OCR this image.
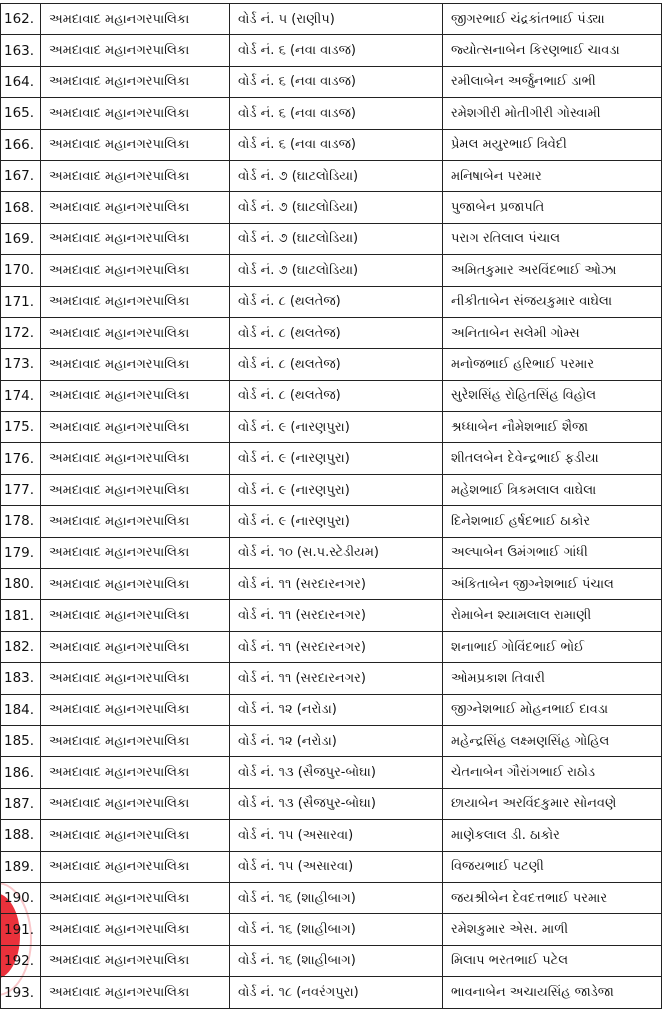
162.	અમદાવાદ મહાનગરપાલિકા	વોર્ડ નં. ૫ (રાણીપ)	જીગરભાઈ ચંદ્રકાંતભાઈ પંડ્યા
163.	અમદાવાદ મહાનગરપાલિકા	વોર્ડ નં. ૬ (નવા વાડજ)	જ્યોત્સનાબેન કિરણભાઈ ચાવડા
164.	અમદાવાદ મહાનગરપાલિકા	વોર્ડ નં. ૬ (નવા વાડજ)	રમીલાબેન અર્જુનભાઈ ડાભી
165.	અમદાવાદ મહાનગરપાલિકા	વોર્ડ નં. ૬ (નવા વાડજ)	રમેશગીરી મોતીગીરી ગોસ્વામી
166.	અમદાવાદ મહાનગરપાલિકા	વોર્ડ નં. ૬ (નવા વાડજ)	પ્રેમલ મયુરભાઈ ત્રિવેદી
167.	અમદાવાદ મહાનગરપાલિકા	વોર્ડ નં. ૭ (ઘાટલોડિયા)	મનિષાબેન પરમાર
168.	અમદાવાદ મહાનગરપાલિકા	વોર્ડ નં. ૭ (ઘાટલોડિયા)	પુજાબેન પ્રજાપતિ
169.	અમદાવાદ મહાનગરપાલિકા	વોર્ડ નં. ૭ (ઘાટલોડિયા)	પરાગ રતિલાલ પંચાલ
170.	અમદાવાદ મહાનગરપાલિકા	વોર્ડ નં. ૭ (ઘાટલોડિયા)	અમિતકુમાર અરવિંદભાઈ ઓઝા
171.	અમદાવાદ મહાનગરપાલિકા	વોર્ડ નં. ૮ (થલતેજ)	નીકીતાબેન સંજયકુમાર વાઘેલા
172.	અમદાવાદ મહાનગરપાલિકા	વોર્ડ નં. ૮ (થલતેજ)	અનિતાબેન સલેમી ગોમ્સ
173.	અમદાવાદ મહાનગરપાલિકા	વોર્ડ નં. ૮ (થલતેજ)	મનોજભાઈ હરિભાઈ પરમાર
174.	અમદાવાદ મહાનગરપાલિકા	વોર્ડ નં. ૮ (થલતેજ)	સુરેશસિંહ રોહિતસિંહ વિહોલ
175.	અમદાવાદ મહાનગરપાલિકા	વોર્ડ નં. ૯ (નારણપુરા)	શ્રધ્ધાબેન નૌમેશભાઈ શૈજા
176.	અમદાવાદ મહાનગરપાલિકા	વોર્ડ નં. ૯ (નારણપુરા)	શીતલબેન દેવેન્દ્રભાઈ ફડીયા
177.	અમદાવાદ મહાનગરપાલિકા	વોર્ડ નં. ૯ (નારણપુરા)	મહેશભાઈ ત્રિકમલાલ વાઘેલા
178.	અમદાવાદ મહાનગરપાલિકા	વોર્ડ નં. ૯ (નારણપુરા)	દિનેશભાઈ હર્ષદભાઈ ઠાકોર
179.	અમદાવાદ મહાનગરપાલિકા	વોર્ડ નં. ૧૦ (સ.પ.સ્ટેડીયમ)	અલ્પાબેન ઉમંગભાઈ ગાંધી
180.	અમદાવાદ મહાનગરપાલિકા	વોર્ડ નં. ૧૧ (સરદારનગર)	અંકિતાબેન જીગ્નેશભાઈ પંચાલ
181.	અમદાવાદ મહાનગરપાલિકા	વોર્ડ નં. ૧૧ (સરદારનગર)	રોમાબેન શ્યામલાલ રામાણી
182.	અમદાવાદ મહાનગરપાલિકા	વોર્ડ નં. ૧૧ (સરદારનગર)	શનાભાઈ ગોવિંદભાઈ ભોઈ
183.	અમદાવાદ મહાનગરપાલિકા	વોર્ડ નં. ૧૧ (સરદારનગર)	ઓમપ્રકાશ તિવારી
184.	અમદાવાદ મહાનગરપાલિકા	વોર્ડ નં. ૧૨ (નરોડા)	જીગ્નેશભાઈ મોહનભાઈ દાવડા
185.	અમદાવાદ મહાનગરપાલિકા	વોર્ડ નં. ૧૨ (નરોડા)	મહેન્દ્રસિંહ લક્ષ્મણસિંહ ગોહિલ
186.	અમદાવાદ મહાનગરપાલિકા	વોર્ડ નં. ૧૩ (સૈજપુર-બોઘા)	ચેતનાબેન ગૌરાંગભાઈ રાઠોડ
187.	અમદાવાદ મહાનગરપાલિકા	વોર્ડ નં. ૧૩ (સૈજપુર-બોઘા)	છાયાબેન અરવિંદકુમાર સોનવણે
188.	અમદાવાદ મહાનગરપાલિકા	વોર્ડ નં. ૧૫ (અસારવા)	માણેકલાલ ડી. ઠાકોર
189.	અમદાવાદ મહાનગરપાલિકા	વોર્ડ નં. ૧૫ (અસારવા)	વિજયભાઈ પટણી
190.	અમદાવાદ મહાનગરપાલિકા	વોર્ડ નં. ૧૬ (શાહીબાગ)	જયશ્રીબેન દેવદત્તભાઈ પરમાર
191.	અમદાવાદ મહાનગરપાલિકા	વોર્ડ નં. ૧૬ (શાહીબાગ)	રમેશકુમાર એસ. માળી
192.	અમદાવાદ મહાનગરપાલિકા	વોર્ડ નં. ૧૬ (શાહીબાગ)	મિલાપ ભરતભાઈ પટેલ
193.	અમદાવાદ મહાનગરપાલિકા	વોર્ડ નં. ૧૮ (નવરંગપુરા)	ભાવનાબેન અચાયસિંહ જાડેજા
